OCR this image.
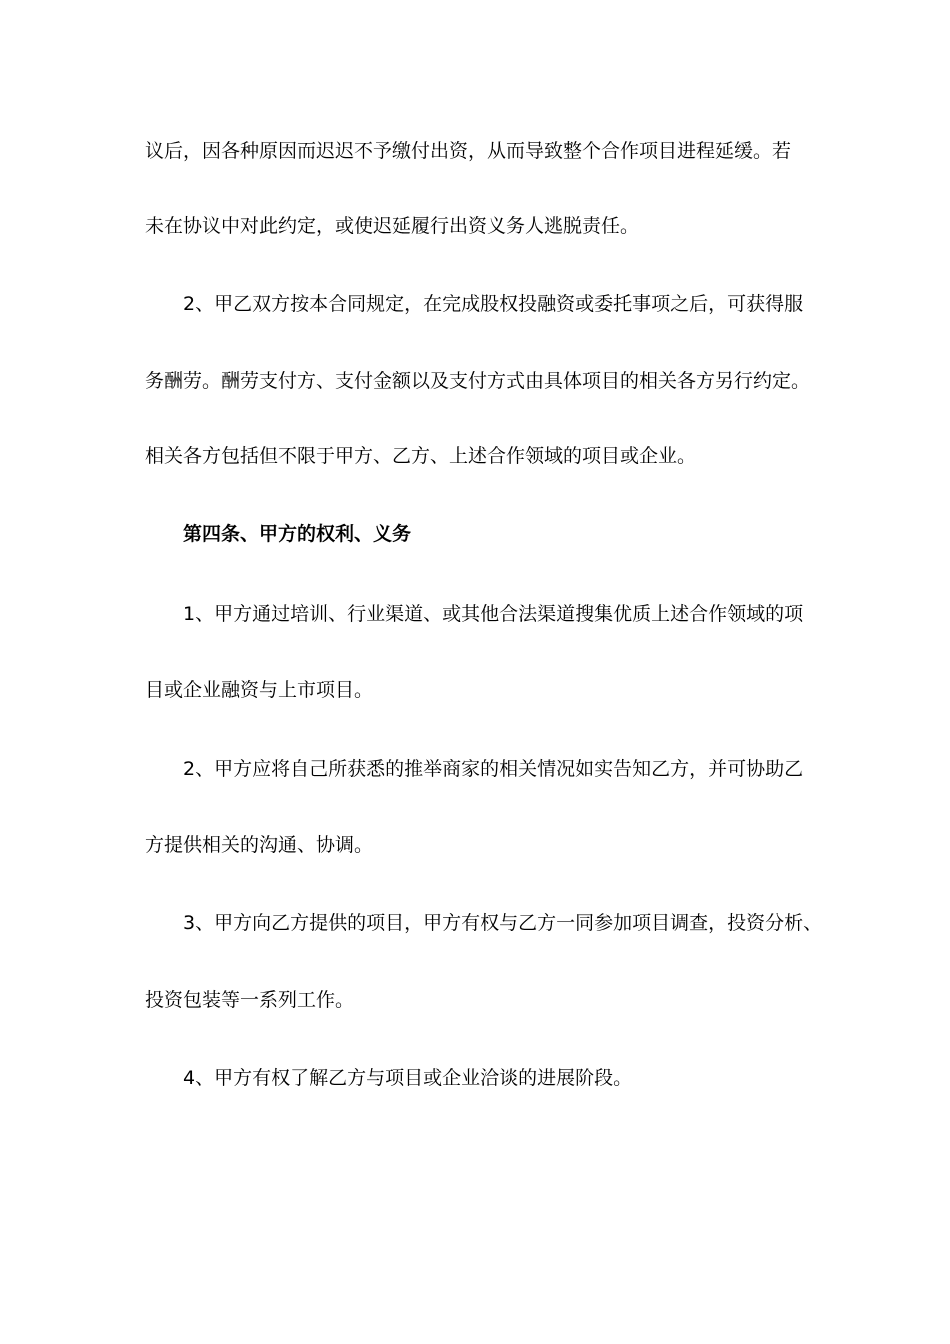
议后，因各种原因而迟迟不予缴付出资，从而导致整个合作项目进程延缓。若
未在协议中对此约定，或使迟延履行出资义务人逃脱责任。
2、甲乙双方按本合同规定，在完成股权投融资或委托事项之后，可获得服
务酬劳。酬劳支付方、支付金额以及支付方式由具体项目的相关各方另行约定。
相关各方包括但不限于甲方、乙方、上述合作领域的项目或企业。
第四条、甲方的权利、义务
1、甲方通过培训、行业渠道、或其他合法渠道搜集优质上述合作领域的项
目或企业融资与上市项目。
2、甲方应将自己所获悉的推举商家的相关情况如实告知乙方，并可协助乙
方提供相关的沟通、协调。
3、甲方向乙方提供的项目，甲方有权与乙方一同参加项目调查，投资分析、
投资包装等一系列工作。
4、甲方有权了解乙方与项目或企业洽谈的进展阶段。
